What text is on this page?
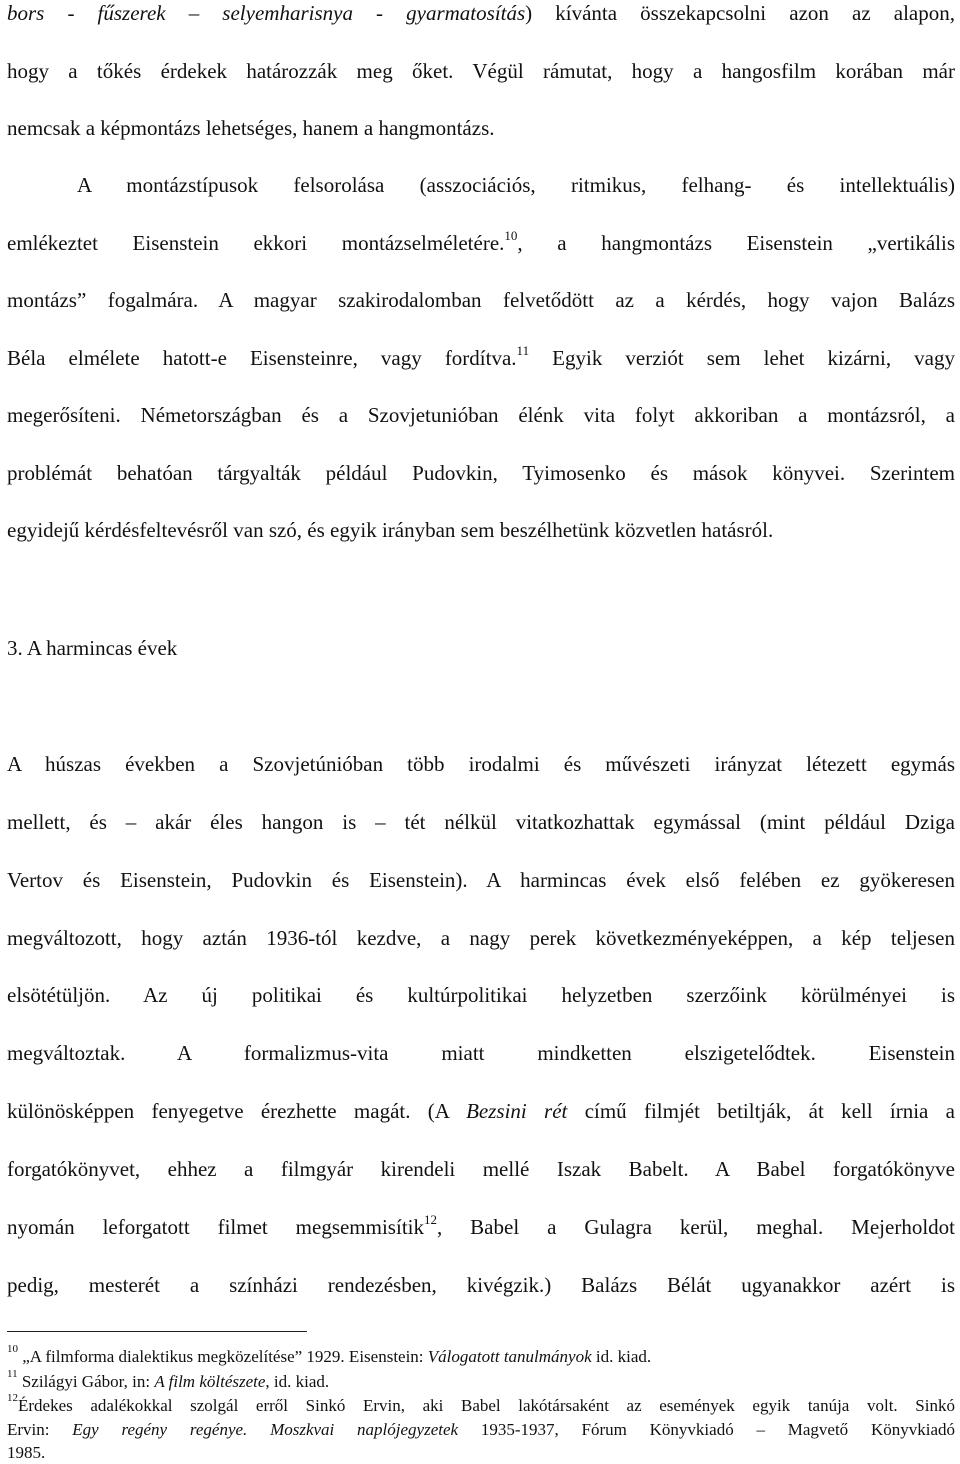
bors - fűszerek – selyemharisnya - gyarmatosítás) kívánta összekapcsolni azon az alapon,
hogy a tőkés érdekek határozzák meg őket. Végül rámutat, hogy a hangosfilm korában már
nemcsak a képmontázs lehetséges, hanem a hangmontázs.
A montázstípusok felsorolása (asszociációs, ritmikus, felhang- és intellektuális)
emlékeztet Eisenstein ekkori montázselméletére.$^{10}$, a hangmontázs Eisenstein „vertikális
montázs” fogalmára. A magyar szakirodalomban felvetődött az a kérdés, hogy vajon Balázs
Béla elmélete hatott-e Eisensteinre, vagy fordítva.$^{11}$ Egyik verziót sem lehet kizárni, vagy
megerősíteni. Németországban és a Szovjetunióban élénk vita folyt akkoriban a montázsról, a
problémát behatóan tárgyalták például Pudovkin, Tyimosenko és mások könyvei. Szerintem
egyidejű kérdésfeltevésről van szó, és egyik irányban sem beszélhetünk közvetlen hatásról.
3. A harmincas évek
A húszas években a Szovjetúnióban több irodalmi és művészeti irányzat létezett egymás
mellett, és – akár éles hangon is – tét nélkül vitatkozhattak egymással (mint például Dziga
Vertov és Eisenstein, Pudovkin és Eisenstein). A harmincas évek első felében ez gyökeresen
megváltozott, hogy aztán 1936-tól kezdve, a nagy perek következményeképpen, a kép teljesen
elsötétüljön. Az új politikai és kultúrpolitikai helyzetben szerzőink körülményei is
megváltoztak. A formalizmus-vita miatt mindketten elszigetelődtek. Eisenstein
különösképpen fenyegetve érezhette magát. (A Bezsini rét című filmjét betiltják, át kell írnia a
forgatókönyvet, ehhez a filmgyár kirendeli mellé Iszak Babelt. A Babel forgatókönyve
nyomán leforgatott filmet megsemmisítik$^{12}$, Babel a Gulagra kerül, meghal. Mejerholdot
pedig, mesterét a színházi rendezésben, kivégzik.) Balázs Bélát ugyanakkor azért is
$^{10}$ „A filmforma dialektikus megközelítése” 1929. Eisenstein: Válogatott tanulmányok id. kiad.
$^{11}$ Szilágyi Gábor, in: A film költészete, id. kiad.
$^{12}$Érdekes adalékokkal szolgál erről Sinkó Ervin, aki Babel lakótársaként az események egyik tanúja volt. Sinkó
Ervin: Egy regény regénye. Moszkvai naplójegyzetek 1935-1937, Fórum Könyvkiadó – Magvető Könyvkiadó
1985.
